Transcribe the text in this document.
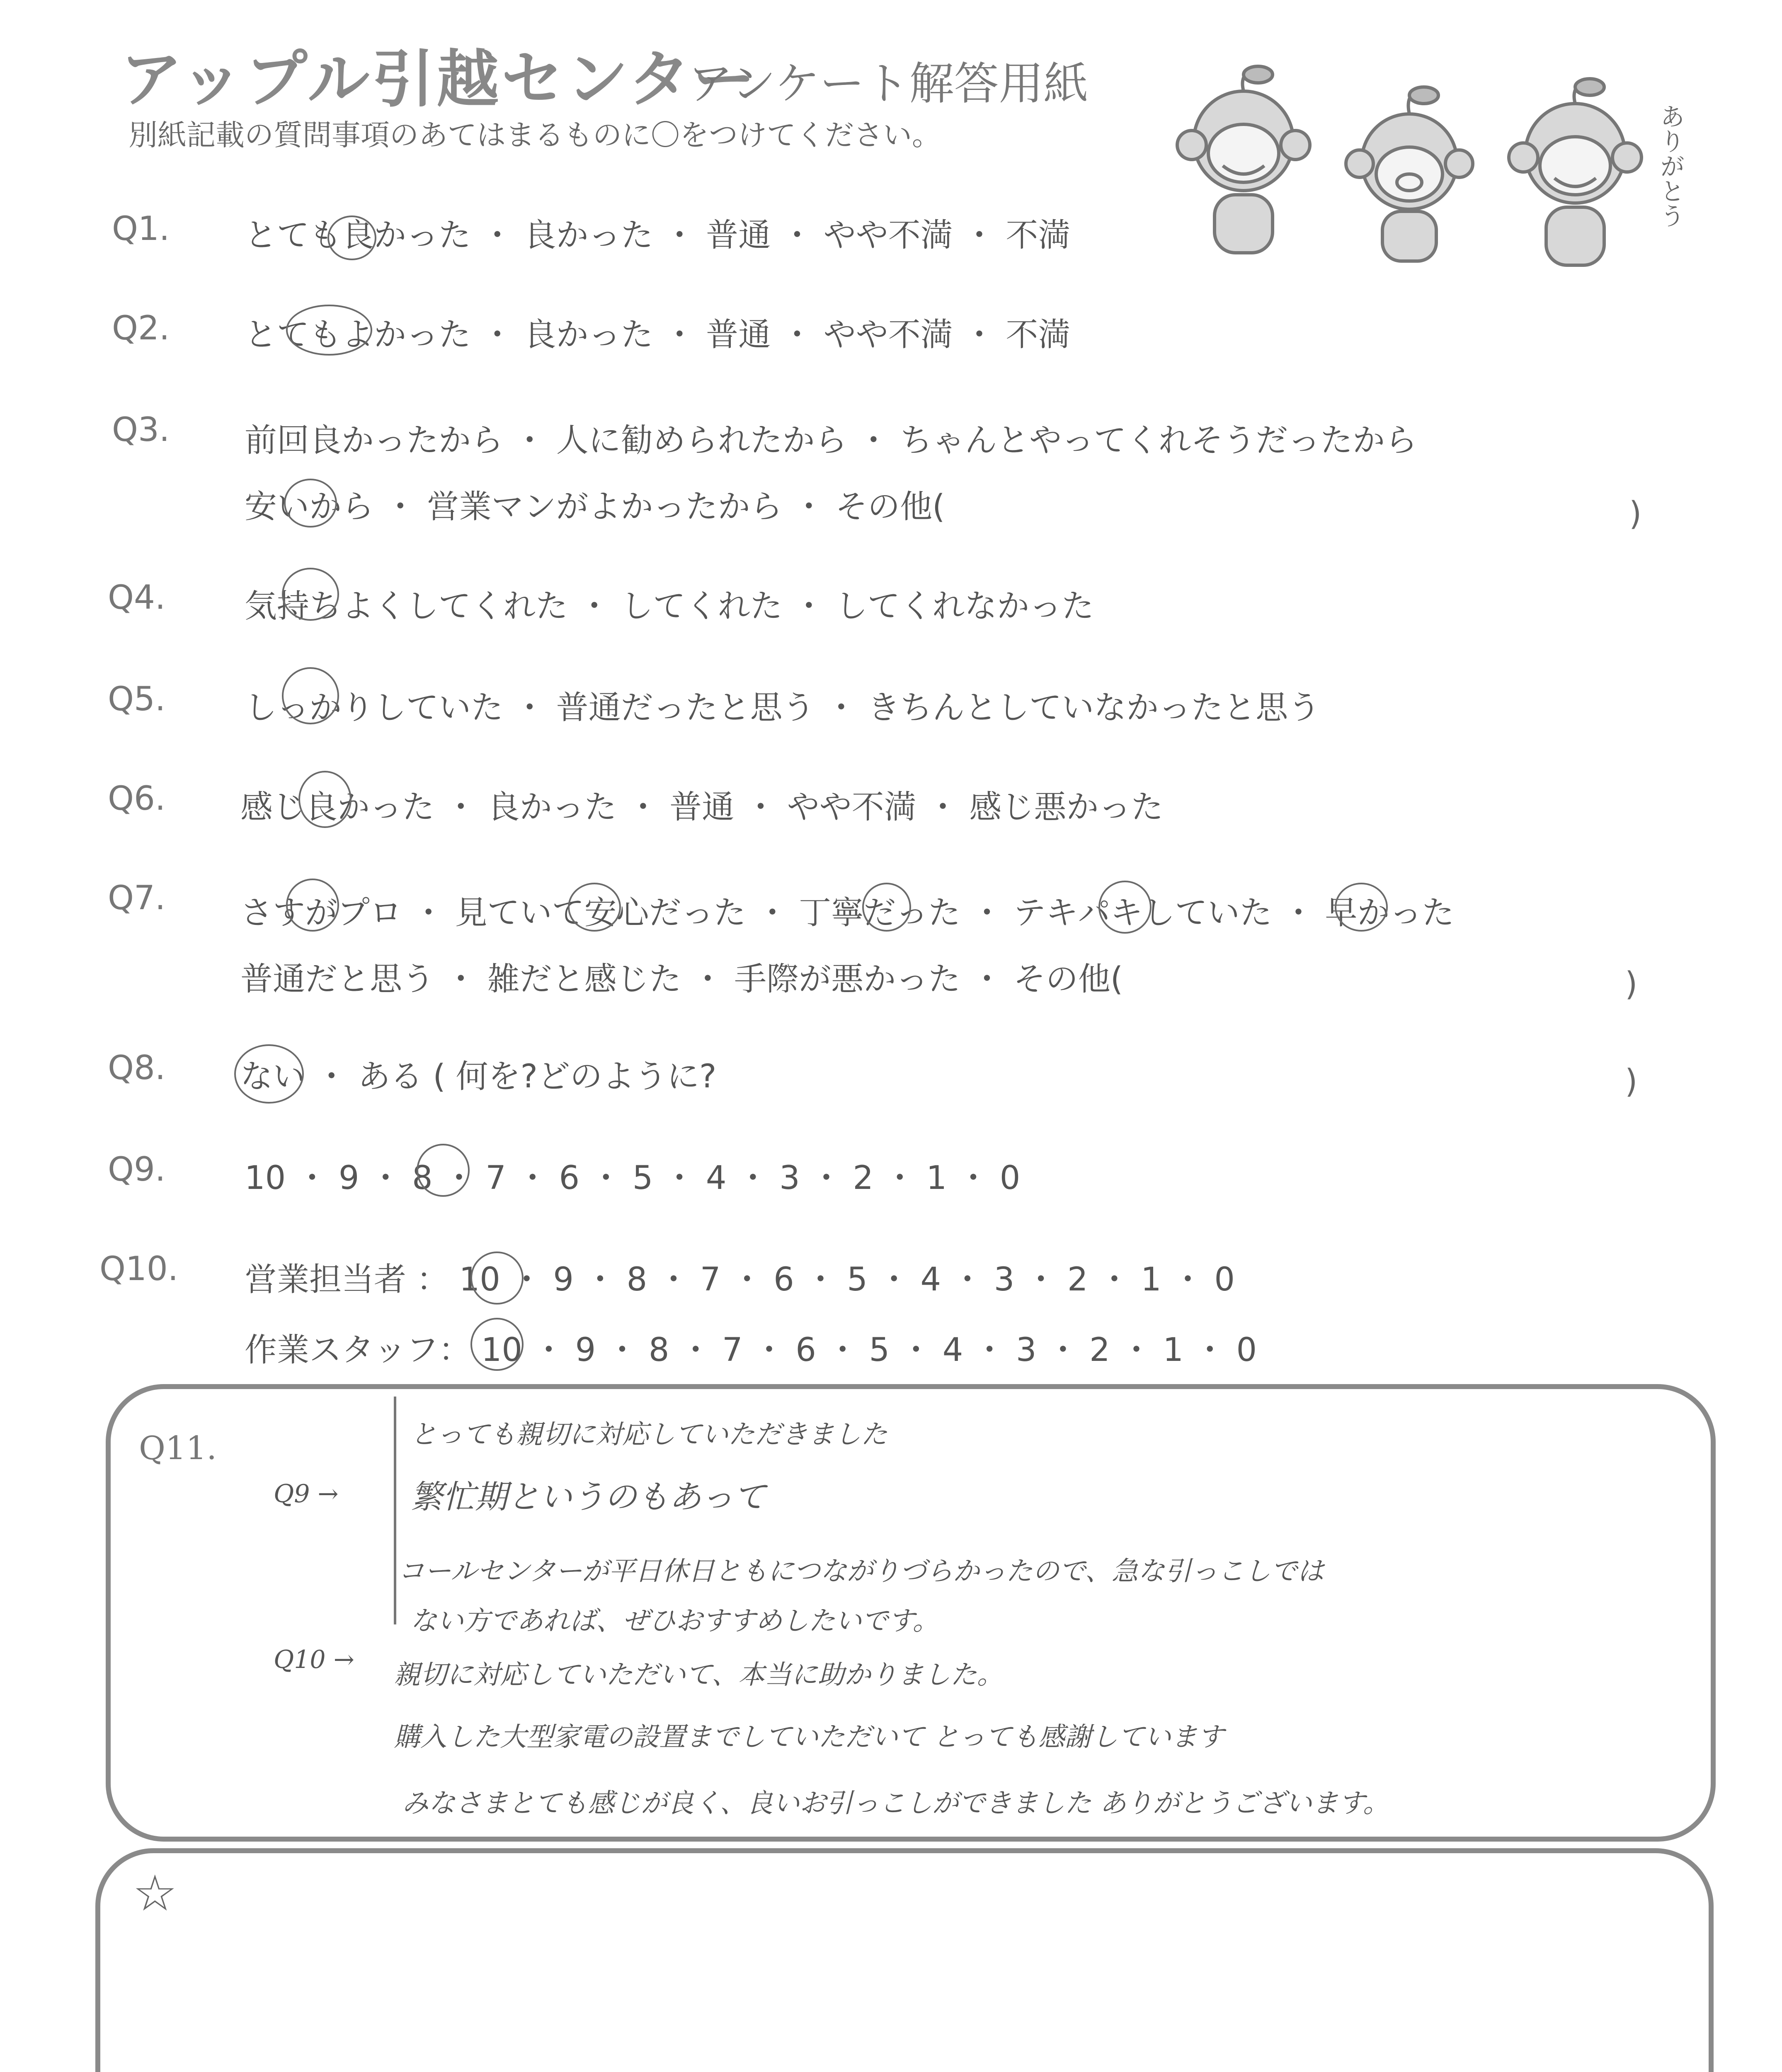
アップル引越センター
アンケート解答用紙
別紙記載の質問事項のあてはまるものに〇をつけてください。	ありがとう
Q1. とても良かった ・ 良かった ・ 普通 ・ やや不満 ・ 不満
Q2. とてもよかった ・ 良かった ・ 普通 ・ やや不満 ・ 不満
Q3. 前回良かったから ・ 人に勧められたから ・ ちゃんとやってくれそうだったから
安いから ・ 営業マンがよかったから ・ その他(	)
Q4. 気持ちよくしてくれた ・ してくれた ・ してくれなかった
Q5. しっかりしていた ・ 普通だったと思う ・ きちんとしていなかったと思う
Q6. 感じ良かった ・ 良かった ・ 普通 ・ やや不満 ・ 感じ悪かった
Q7. さすがプロ ・ 見ていて安心だった ・ 丁寧だった ・ テキパキしていた ・ 早かった
普通だと思う ・ 雑だと感じた ・ 手際が悪かった ・ その他(	)
Q8. ない ・ ある ( 何を?どのように?	)
Q9. 10 ・ 9 ・ 8 ・ 7 ・ 6 ・ 5 ・ 4 ・ 3 ・ 2 ・ 1 ・ 0
Q10. 営業担当者 ： 10 ・ 9 ・ 8 ・ 7 ・ 6 ・ 5 ・ 4 ・ 3 ・ 2 ・ 1 ・ 0
作業スタッフ： 10 ・ 9 ・ 8 ・ 7 ・ 6 ・ 5 ・ 4 ・ 3 ・ 2 ・ 1 ・ 0
Q11.
Q9 →
Q10 →
とっても親切に対応していただきました
繁忙期というのもあって
コールセンターが平日休日ともにつながりづらかったので、急な引っこしでは
ない方であれば、ぜひおすすめしたいです。
親切に対応していただいて、本当に助かりました。
購入した大型家電の設置までしていただいて とっても感謝しています
みなさまとても感じが良く、良いお引っこしができました ありがとうございます。
☆
